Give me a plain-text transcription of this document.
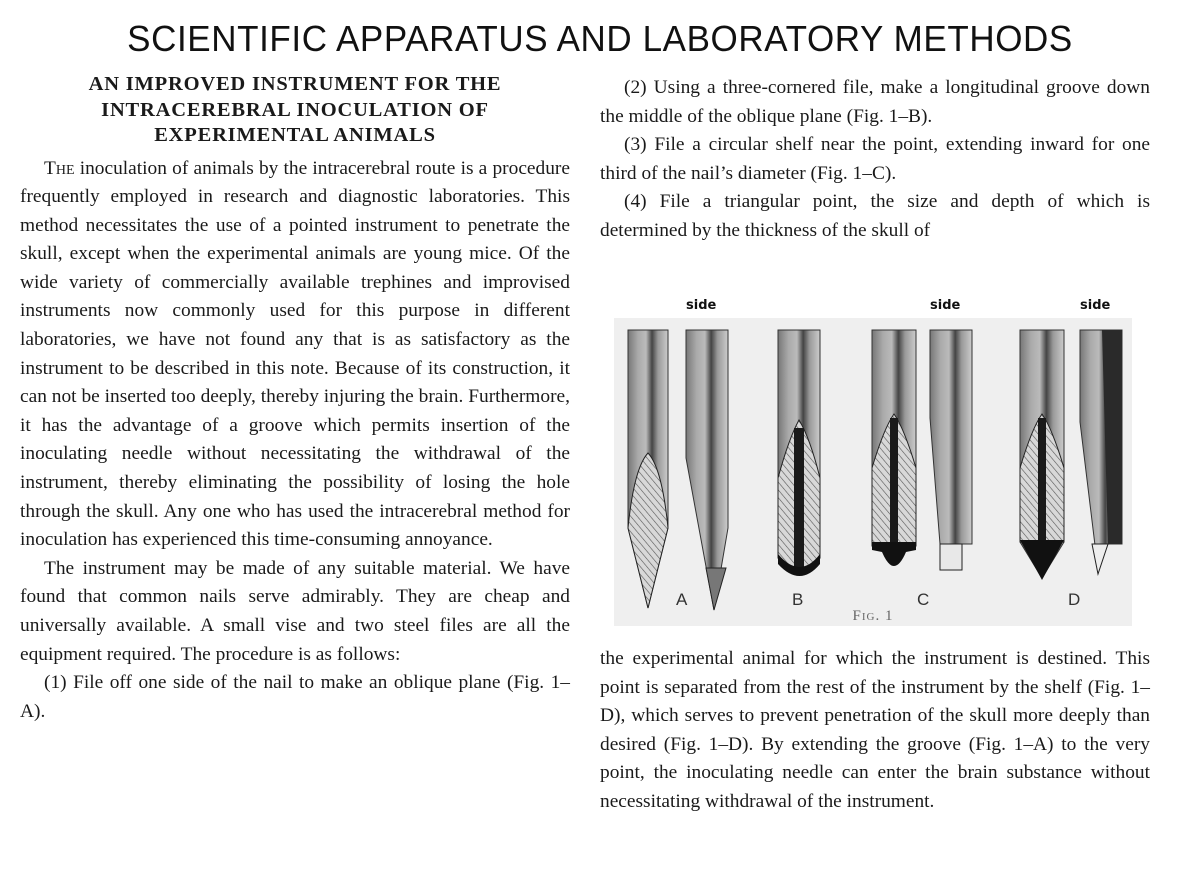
SCIENTIFIC APPARATUS AND LABORATORY METHODS
AN IMPROVED INSTRUMENT FOR THE
INTRACEREBRAL INOCULATION OF
EXPERIMENTAL ANIMALS

The inoculation of animals by the intracerebral route is a procedure frequently employed in research and diagnostic laboratories. This method necessitates the use of a pointed instrument to penetrate the skull, except when the experimental animals are young mice. Of the wide variety of commercially available trephines and improvised instruments now commonly used for this purpose in different laboratories, we have not found any that is as satisfactory as the instrument to be described in this note. Because of its construction, it can not be inserted too deeply, thereby injuring the brain. Furthermore, it has the advantage of a groove which permits insertion of the inoculating needle without necessitating the withdrawal of the instrument, thereby eliminating the possibility of losing the hole through the skull. Any one who has used the intracerebral method for inoculation has experienced this time-consuming annoyance.

The instrument may be made of any suitable material. We have found that common nails serve admirably. They are cheap and universally available. A small vise and two steel files are all the equipment required. The procedure is as follows:

(1) File off one side of the nail to make an oblique plane (Fig. 1–A).

(2) Using a three-cornered file, make a longitudinal groove down the middle of the oblique plane (Fig. 1–B).

(3) File a circular shelf near the point, extending inward for one third of the nail’s diameter (Fig. 1–C).

(4) File a triangular point, the size and depth of which is determined by the thickness of the skull of

side	side	side
A	B	C	D
Fig. 1

the experimental animal for which the instrument is destined. This point is separated from the rest of the instrument by the shelf (Fig. 1–D), which serves to prevent penetration of the skull more deeply than desired (Fig. 1–D). By extending the groove (Fig. 1–A) to the very point, the inoculating needle can enter the brain substance without necessitating withdrawal of the instrument.
